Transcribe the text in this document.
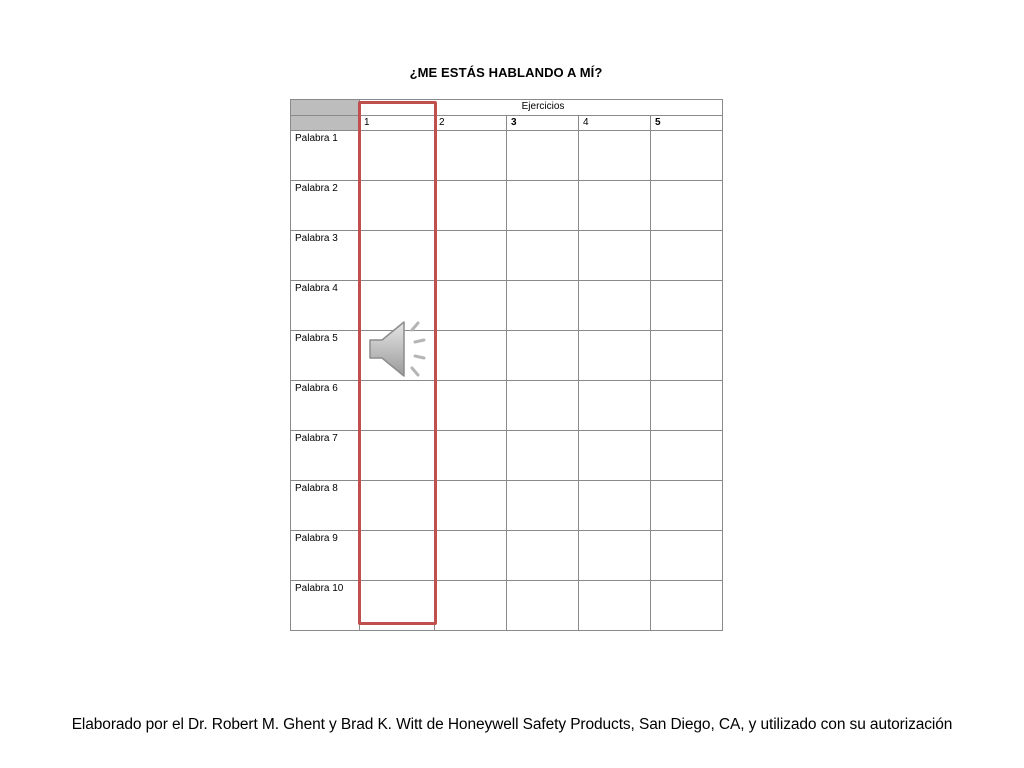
¿ME ESTÁS HABLANDO A MÍ?
	Ejercicios				
	1	2	3	4	5
Palabra 1					
Palabra 2					
Palabra 3					
Palabra 4					
Palabra 5					
Palabra 6					
Palabra 7					
Palabra 8					
Palabra 9					
Palabra 10					
Elaborado por el Dr. Robert M. Ghent y Brad K. Witt de Honeywell Safety Products, San Diego, CA, y utilizado con su autorización
